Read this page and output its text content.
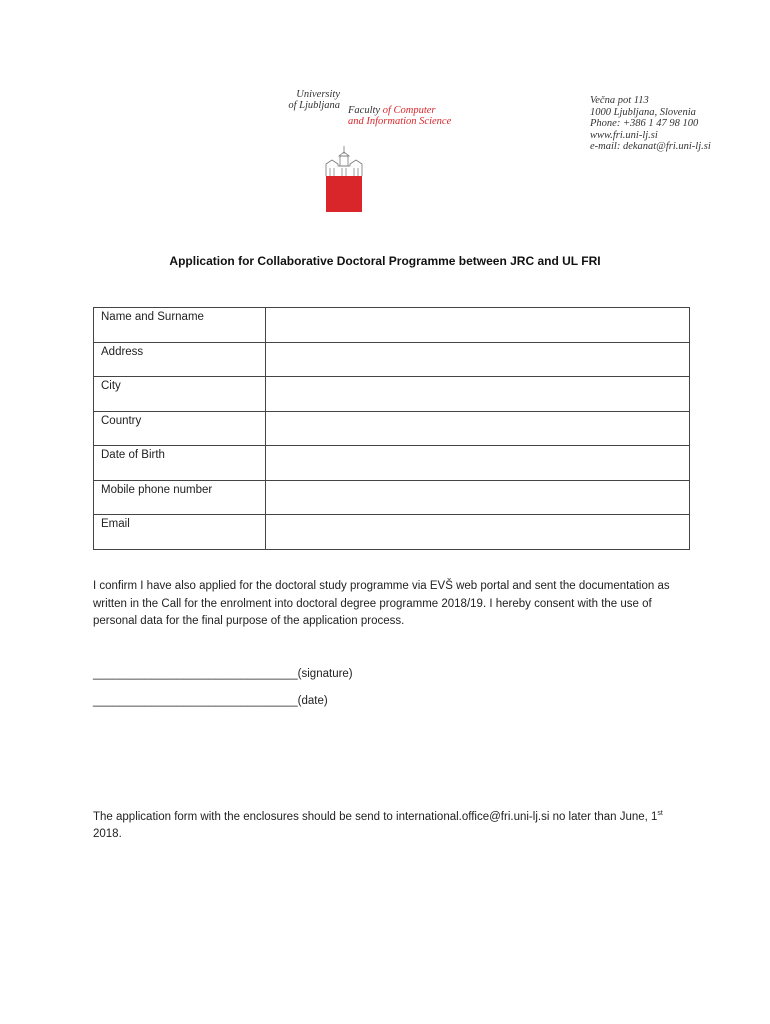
University
of Ljubljana Faculty of Computer
and Information Science
Večna pot 113
1000 Ljubljana, Slovenia
Phone: +386 1 47 98 100
www.fri.uni-lj.si
e-mail: dekanat@fri.uni-lj.si
Application for Collaborative Doctoral Programme between JRC and UL FRI
Name and Surname	
Address	
City	
Country	
Date of Birth	
Mobile phone number	
Email	
I confirm I have also applied for the doctoral study programme via EVŠ web portal and sent the documentation as written in the Call for the enrolment into doctoral degree programme 2018/19. I hereby consent with the use of personal data for the final purpose of the application process.
________________________________(signature)
________________________________(date)
The application form with the enclosures should be send to international.office@fri.uni-lj.si no later than June, 1st 2018.
